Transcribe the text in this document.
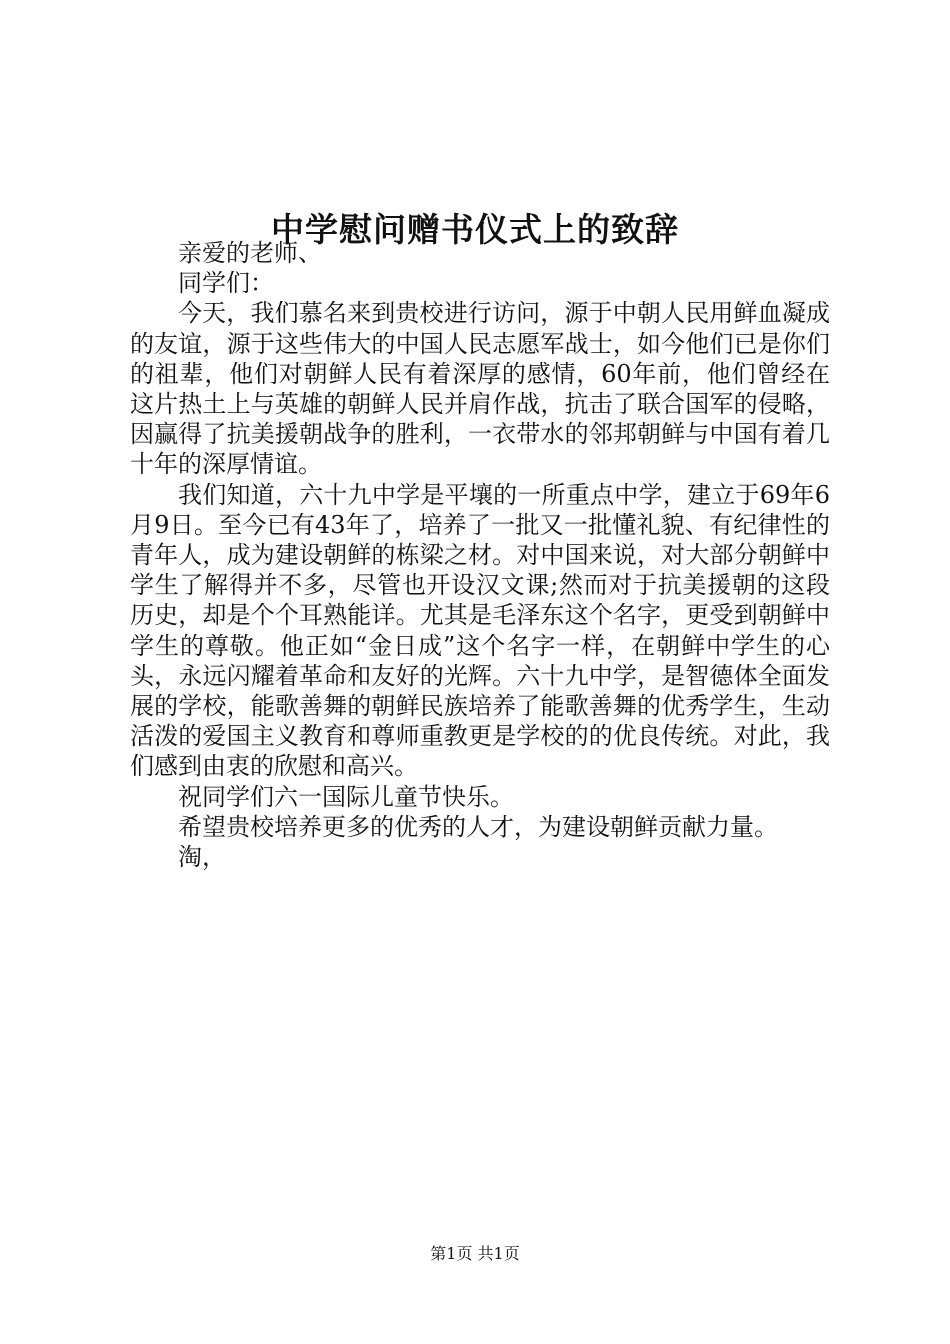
中学慰问赠书仪式上的致辞

亲爱的老师、

同学们：

今天，我们慕名来到贵校进行访问，源于中朝人民用鲜血凝成的友谊，源于这些伟大的中国人民志愿军战士，如今他们已是你们的祖辈，他们对朝鲜人民有着深厚的感情，60年前，他们曾经在这片热土上与英雄的朝鲜人民并肩作战，抗击了联合国军的侵略，因赢得了抗美援朝战争的胜利，一衣带水的邻邦朝鲜与中国有着几十年的深厚情谊。

我们知道，六十九中学是平壤的一所重点中学，建立于69年6月9日。至今已有43年了，培养了一批又一批懂礼貌、有纪律性的青年人，成为建设朝鲜的栋梁之材。对中国来说，对大部分朝鲜中学生了解得并不多，尽管也开设汉文课;然而对于抗美援朝的这段历史，却是个个耳熟能详。尤其是毛泽东这个名字，更受到朝鲜中学生的尊敬。他正如“金日成”这个名字一样，在朝鲜中学生的心头，永远闪耀着革命和友好的光辉。六十九中学，是智德体全面发展的学校，能歌善舞的朝鲜民族培养了能歌善舞的优秀学生，生动活泼的爱国主义教育和尊师重教更是学校的的优良传统。对此，我们感到由衷的欣慰和高兴。

祝同学们六一国际儿童节快乐。

希望贵校培养更多的优秀的人才，为建设朝鲜贡献力量。

淘，

第1页 共1页
